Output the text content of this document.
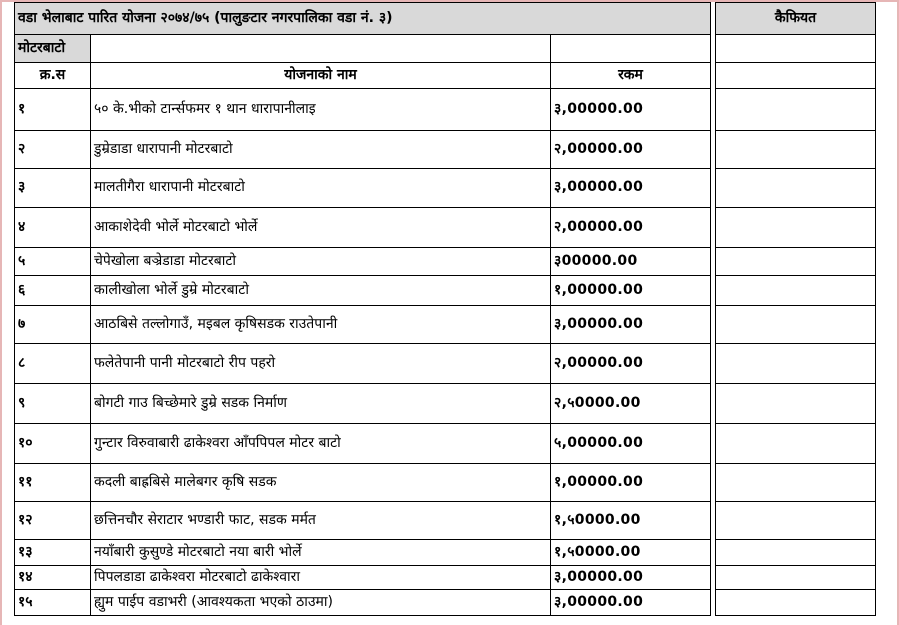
वडा भेलाबाट पारित योजना २०७४/७५ (पालुङटार नगरपालिका वडा नं. ३)				कैफियत
मोटरबाटो				
क्र.स	योजनाको नाम	रकम		
१	५० के.भीको टार्न्सफमर १ थान धारापानीलाइ	३,00000.00		
२	डुम्रेडाडा धारापानी मोटरबाटो	२,00000.00		
३	मालतीगैरा धारापानी मोटरबाटो	३,00000.00		
४	आकाशेदेवी भोर्ले मोटरबाटो भोर्ले	२,00000.00		
५	चेपेखोला बञ्रेडाडा मोटरबाटो	३00000.00		
६	कालीखोला भोर्ले डुम्रे मोटरबाटो	१,00000.00		
७	आठबिसे तल्लोगाउँ, मइबल कृषिसडक राउतेपानी	३,00000.00		
८	फलेतेपानी पानी मोटरबाटो रीप पहरो	२,00000.00		
९	बोगटी गाउ बिच्छेमारे डुम्रे सडक निर्माण	२,५0000.00		
१०	गुन्टार विरुवाबारी ढाकेश्वरा आँपपिपल मोटर बाटो	५,00000.00		
११	कदली बाह्रबिसे मालेबगर कृषि सडक	१,00000.00		
१२	छत्तिनचौर सेराटार भण्डारी फाट, सडक मर्मत	१,५0000.00		
१३	नयाँबारी कुसुण्डे मोटरबाटो नया बारी भोर्ले	१,५0000.00		
१४	पिपलडाडा ढाकेश्वरा मोटरबाटो ढाकेश्वारा	३,00000.00		
१५	ह्युम पाईप वडाभरी (आवश्यकता भएको ठाउमा)	३,00000.00		
